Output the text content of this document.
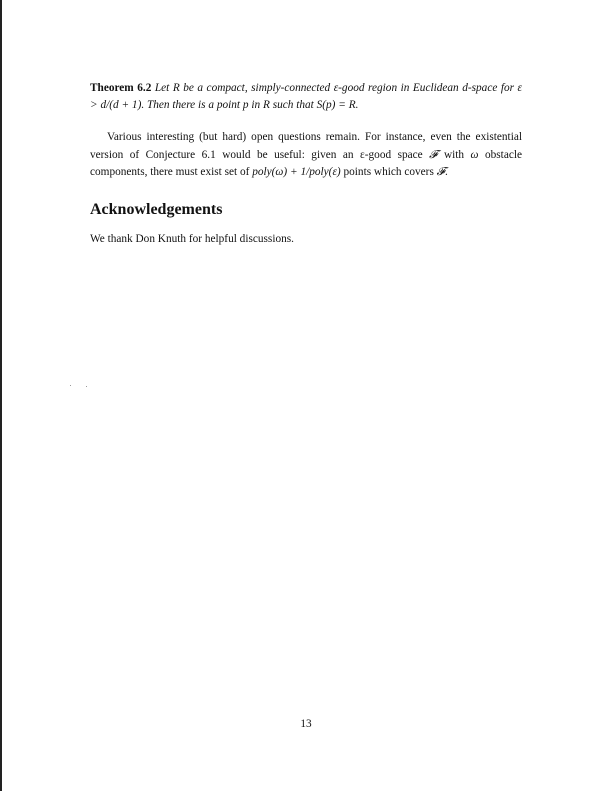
Theorem 6.2 Let R be a compact, simply-connected ε-good region in Euclidean d-space for ε > d/(d + 1). Then there is a point p in R such that S(p) = R.

Various interesting (but hard) open questions remain. For instance, even the existential version of Conjecture 6.1 would be useful: given an ε-good space 𝓕 with ω obstacle components, there must exist set of poly(ω) + 1/poly(ε) points which covers 𝓕.

Acknowledgements

We thank Don Knuth for helpful discussions.

13
